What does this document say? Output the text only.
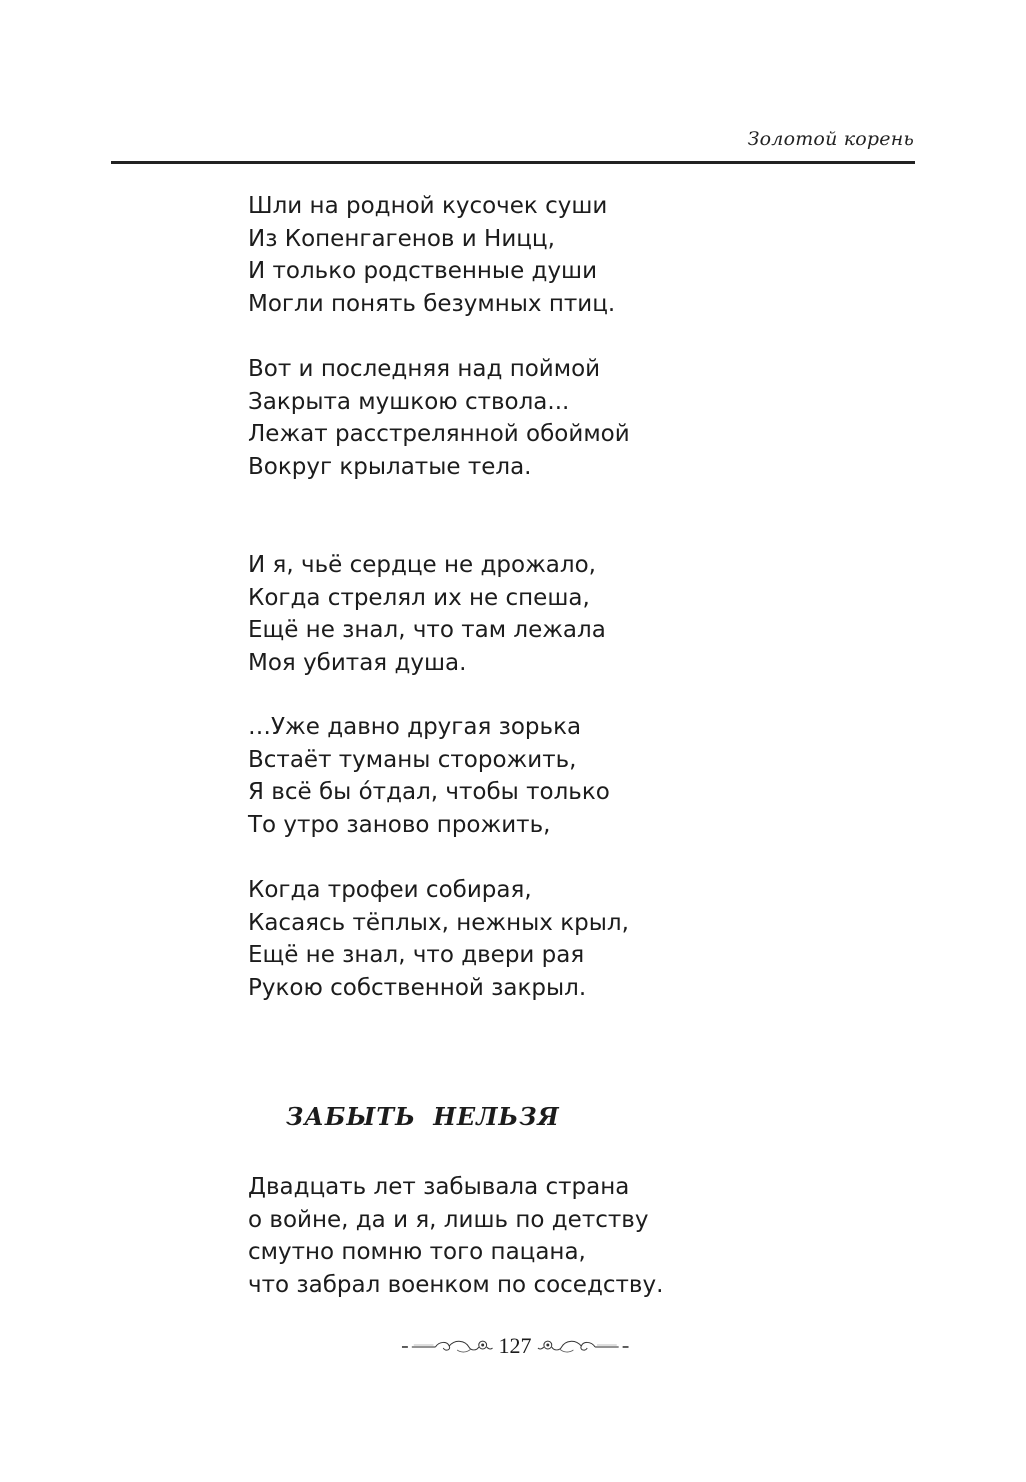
Золотой корень
Шли на родной кусочек суши
Из Копенгагенов и Ницц,
И только родственные души
Могли понять безумных птиц.
Вот и последняя над поймой
Закрыта мушкою ствола...
Лежат расстрелянной обоймой
Вокруг крылатые тела.
И я, чьё сердце не дрожало,
Когда стрелял их не спеша,
Ещё не знал, что там лежала
Моя убитая душа.
…Уже давно другая зорька
Встаёт туманы сторожить,
Я всё бы о́тдал, чтобы только
То утро заново прожить,
Когда трофеи собирая,
Касаясь тёплых, нежных крыл,
Ещё не знал, что двери рая
Рукою собственной закрыл.
ЗАБЫТЬ НЕЛЬЗЯ
Двадцать лет забывала страна
о войне, да и я, лишь по детству
смутно помню того пацана,
что забрал военком по соседству.
127
